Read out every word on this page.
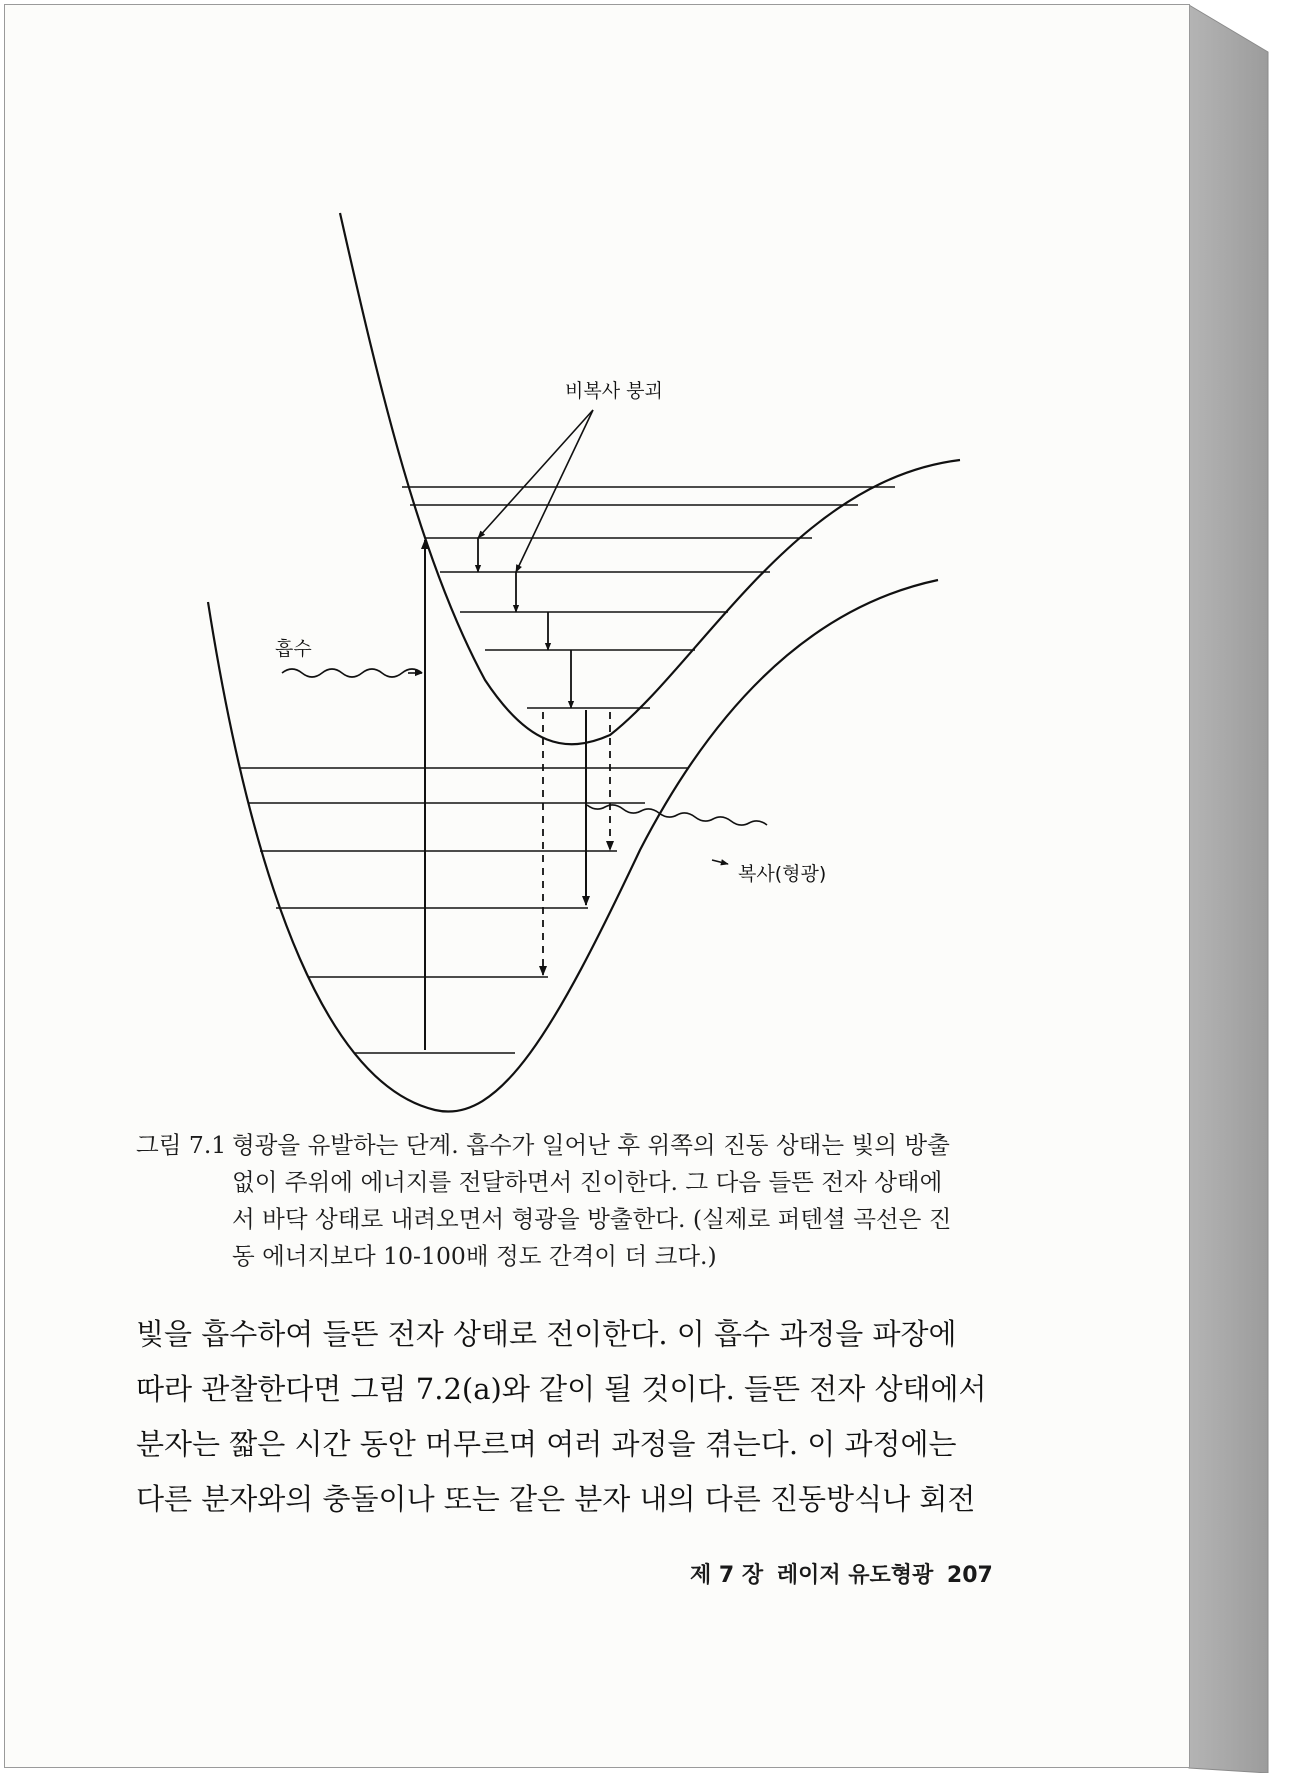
비복사 붕괴
흡수
복사(형광)
그림 7.1 형광을 유발하는 단계. 흡수가 일어난 후 위쪽의 진동 상태는 빛의 방출
없이 주위에 에너지를 전달하면서 진이한다. 그 다음 들뜬 전자 상태에
서 바닥 상태로 내려오면서 형광을 방출한다. (실제로 퍼텐셜 곡선은 진
동 에너지보다 10-100배 정도 간격이 더 크다.)
빛을 흡수하여 들뜬 전자 상태로 전이한다. 이 흡수 과정을 파장에
따라 관찰한다면 그림 7.2(a)와 같이 될 것이다. 들뜬 전자 상태에서
분자는 짧은 시간 동안 머무르며 여러 과정을 겪는다. 이 과정에는
다른 분자와의 충돌이나 또는 같은 분자 내의 다른 진동방식나 회전
제 7 장 레이저 유도형광 207
